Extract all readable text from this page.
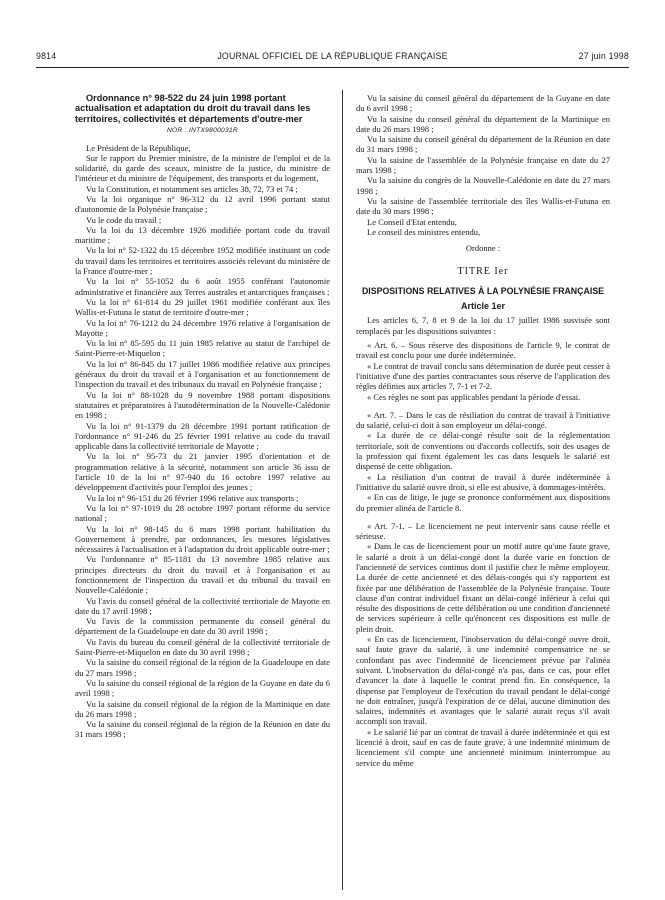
9814	JOURNAL OFFICIEL DE LA RÉPUBLIQUE FRANÇAISE	27 juin 1998

Ordonnance n° 98-522 du 24 juin 1998 portant actualisation et adaptation du droit du travail dans les territoires, collectivités et départements d'outre-mer

NOR : INTX9800031R

Le Président de la République,

Sur le rapport du Premier ministre, de la ministre de l'emploi et de la solidarité, du garde des sceaux, ministre de la justice, du ministre de l'intérieur et du ministre de l'équipement, des transports et du logement,

Vu la Constitution, et notamment ses articles 38, 72, 73 et 74 ;

Vu la loi organique n° 96-312 du 12 avril 1996 portant statut d'autonomie de la Polynésie française ;

Vu le code du travail ;

Vu la loi du 13 décembre 1926 modifiée portant code du travail maritime ;

Vu la loi n° 52-1322 du 15 décembre 1952 modifiée instituant un code du travail dans les territoires et territoires associés relevant du ministère de la France d'outre-mer ;

Vu la loi n° 55-1052 du 6 août 1955 conférant l'autonomie administrative et financière aux Terres australes et antarctiques françaises ;

Vu la loi n° 61-814 du 29 juillet 1961 modifiée conférant aux îles Wallis-et-Futuna le statut de territoire d'outre-mer ;

Vu la loi n° 76-1212 du 24 décembre 1976 relative à l'organisation de Mayotte ;

Vu la loi n° 85-595 du 11 juin 1985 relative au statut de l'archipel de Saint-Pierre-et-Miquelon ;

Vu la loi n° 86-845 du 17 juillet 1986 modifiée relative aux principes généraux du droit du travail et à l'organisation et au fonctionnement de l'inspection du travail et des tribunaux du travail en Polynésie française ;

Vu la loi n° 88-1028 du 9 novembre 1988 portant dispositions statutaires et préparatoires à l'autodétermination de la Nouvelle-Calédonie en 1998 ;

Vu la loi n° 91-1379 du 28 décembre 1991 portant ratification de l'ordonnance n° 91-246 du 25 février 1991 relative au code du travail applicable dans la collectivité territoriale de Mayotte ;

Vu la loi n° 95-73 du 21 janvier 1995 d'orientation et de programmation relative à la sécurité, notamment son article 36 issu de l'article 10 de la loi n° 97-940 du 16 octobre 1997 relative au développement d'activités pour l'emploi des jeunes ;

Vu la loi n° 96-151 du 26 février 1996 relative aux transports ;

Vu la loi n° 97-1019 du 28 octobre 1997 portant réforme du service national ;

Vu la loi n° 98-145 du 6 mars 1998 portant habilitation du Gouvernement à prendre, par ordonnances, les mesures législatives nécessaires à l'actualisation et à l'adaptation du droit applicable outre-mer ;

Vu l'ordonnance n° 85-1181 du 13 novembre 1985 relative aux principes directeurs du droit du travail et à l'organisation et au fonctionnement de l'inspection du travail et du tribunal du travail en Nouvelle-Calédonie ;

Vu l'avis du conseil général de la collectivité territoriale de Mayotte en date du 17 avril 1998 ;

Vu l'avis de la commission permanente du conseil général du département de la Guadeloupe en date du 30 avril 1998 ;

Vu l'avis du bureau du conseil général de la collectivité territoriale de Saint-Pierre-et-Miquelon en date du 30 avril 1998 ;

Vu la saisine du conseil régional de la région de la Guadeloupe en date du 27 mars 1998 ;

Vu la saisine du conseil régional de la région de la Guyane en date du 6 avril 1998 ;

Vu la saisine du conseil régional de la région de la Martinique en date du 26 mars 1998 ;

Vu la saisine du conseil régional de la région de la Réunion en date du 31 mars 1998 ;

Vu la saisine du conseil général du département de la Guyane en date du 6 avril 1998 ;

Vu la saisine du conseil général du département de la Martinique en date du 26 mars 1998 ;

Vu la saisine du conseil général du département de la Réunion en date du 31 mars 1998 ;

Vu la saisine de l'assemblée de la Polynésie française en date du 27 mars 1998 ;

Vu la saisine du congrès de la Nouvelle-Calédonie en date du 27 mars 1998 ;

Vu la saisine de l'assemblée territoriale des îles Wallis-et-Futuna en date du 30 mars 1998 ;

Le Conseil d'Etat entendu,

Le conseil des ministres entendu,

Ordonne :

TITRE Ier
DISPOSITIONS RELATIVES À LA POLYNÉSIE FRANÇAISE
Article 1er

Les articles 6, 7, 8 et 9 de la loi du 17 juillet 1986 susvisée sont remplacés par les dispositions suivantes :

« Art. 6. – Sous réserve des dispositions de l'article 9, le contrat de travail est conclu pour une durée indéterminée.

« Le contrat de travail conclu sans détermination de durée peut cesser à l'initiative d'une des parties contractantes sous réserve de l'application des règles définies aux articles 7, 7-1 et 7-2.

« Ces règles ne sont pas applicables pendant la période d'essai.

« Art. 7. – Dans le cas de résiliation du contrat de travail à l'initiative du salarié, celui-ci doit à son employeur un délai-congé.

« La durée de ce délai-congé résulte soit de la réglementation territoriale, soit de conventions ou d'accords collectifs, soit des usages de la profession qui fixent également les cas dans lesquels le salarié est dispensé de cette obligation.

« La résiliation d'un contrat de travail à durée indéterminée à l'initiative du salarié ouvre droit, si elle est abusive, à dommages-intérêts.

« En cas de litige, le juge se prononce conformément aux dispositions du premier alinéa de l'article 8.

« Art. 7-1. – Le licenciement ne peut intervenir sans cause réelle et sérieuse.

« Dans le cas de licenciement pour un motif autre qu'une faute grave, le salarié a droit à un délai-congé dont la durée varie en fonction de l'ancienneté de services continus dont il justifie chez le même employeur. La durée de cette ancienneté et des délais-congés qui s'y rapportent est fixée par une délibération de l'assemblée de la Polynésie française. Toute clause d'un contrat individuel fixant un délai-congé inférieur à celui qui résulte des dispositions de cette délibération ou une condition d'ancienneté de services supérieure à celle qu'énoncent ces dispositions est nulle de plein droit.

« En cas de licenciement, l'inobservation du délai-congé ouvre droit, sauf faute grave du salarié, à une indemnité compensatrice ne se confondant pas avec l'indemnité de licenciement prévue par l'alinéa suivant. L'inobservation du délai-congé n'a pas, dans ce cas, pour effet d'avancer la date à laquelle le contrat prend fin. En conséquence, la dispense par l'employeur de l'exécution du travail pendant le délai-congé ne doit entraîner, jusqu'à l'expiration de ce délai, aucune diminution des salaires, indemnités et avantages que le salarié aurait reçus s'il avait accompli son travail.

« Le salarié lié par un contrat de travail à durée indéterminée et qui est licencié à droit, sauf en cas de faute grave, à une indemnité minimum de licenciement s'il compte une ancienneté minimum ininterrompue au service du même
